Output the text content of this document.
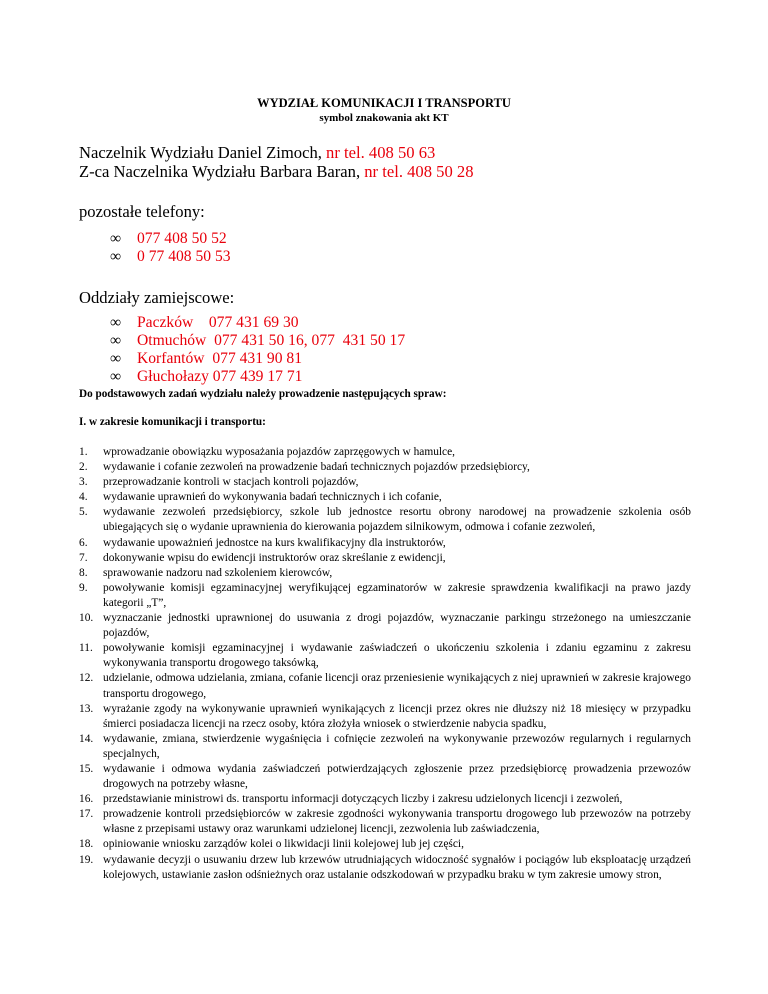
WYDZIAŁ KOMUNIKACJI I TRANSPORTU
symbol znakowania akt KT
Naczelnik Wydziału Daniel Zimoch, nr tel. 408 50 63
Z-ca Naczelnika Wydziału Barbara Baran, nr tel. 408 50 28
pozostałe telefony:
∞ 077 408 50 52
∞ 0 77 408 50 53
Oddziały zamiejscowe:
∞ Paczków    077 431 69 30
∞ Otmuchów  077 431 50 16, 077  431 50 17
∞ Korfantów  077 431 90 81
∞ Głuchołazy 077 439 17 71
Do podstawowych zadań wydziału należy prowadzenie następujących spraw:
I. w zakresie komunikacji i transportu:
1. wprowadzanie obowiązku wyposażania pojazdów zaprzęgowych w hamulce,
2. wydawanie i cofanie zezwoleń na prowadzenie badań technicznych pojazdów przedsiębiorcy,
3. przeprowadzanie kontroli w stacjach kontroli pojazdów,
4. wydawanie uprawnień do wykonywania badań technicznych i ich cofanie,
5. wydawanie zezwoleń przedsiębiorcy, szkole lub jednostce resortu obrony narodowej na prowadzenie szkolenia osób ubiegających się o wydanie uprawnienia do kierowania pojazdem silnikowym, odmowa i cofanie zezwoleń,
6. wydawanie upoważnień jednostce na kurs kwalifikacyjny dla instruktorów,
7. dokonywanie wpisu do ewidencji instruktorów oraz skreślanie z ewidencji,
8. sprawowanie nadzoru nad szkoleniem kierowców,
9. powoływanie komisji egzaminacyjnej weryfikującej egzaminatorów w zakresie sprawdzenia kwalifikacji na prawo jazdy kategorii „T”,
10. wyznaczanie jednostki uprawnionej do usuwania z drogi pojazdów, wyznaczanie parkingu strzeżonego na umieszczanie pojazdów,
11. powoływanie komisji egzaminacyjnej i wydawanie zaświadczeń o ukończeniu szkolenia i zdaniu egzaminu z zakresu wykonywania transportu drogowego taksówką,
12. udzielanie, odmowa udzielania, zmiana, cofanie licencji oraz przeniesienie wynikających z niej uprawnień w zakresie krajowego transportu drogowego,
13. wyrażanie zgody na wykonywanie uprawnień wynikających z licencji przez okres nie dłuższy niż 18 miesięcy w przypadku śmierci posiadacza licencji na rzecz osoby, która złożyła wniosek o stwierdzenie nabycia spadku,
14. wydawanie, zmiana, stwierdzenie wygaśnięcia i cofnięcie zezwoleń na wykonywanie przewozów regularnych i regularnych specjalnych,
15. wydawanie i odmowa wydania zaświadczeń potwierdzających zgłoszenie przez przedsiębiorcę prowadzenia przewozów drogowych na potrzeby własne,
16. przedstawianie ministrowi ds. transportu informacji dotyczących liczby i zakresu udzielonych licencji i zezwoleń,
17. prowadzenie kontroli przedsiębiorców w zakresie zgodności wykonywania transportu drogowego lub przewozów na potrzeby własne z przepisami ustawy oraz warunkami udzielonej licencji, zezwolenia lub zaświadczenia,
18. opiniowanie wniosku zarządów kolei o likwidacji linii kolejowej lub jej części,
19. wydawanie decyzji o usuwaniu drzew lub krzewów utrudniających widoczność sygnałów i pociągów lub eksploatację urządzeń kolejowych, ustawianie zasłon odśnieżnych oraz ustalanie odszkodowań w przypadku braku w tym zakresie umowy stron,
